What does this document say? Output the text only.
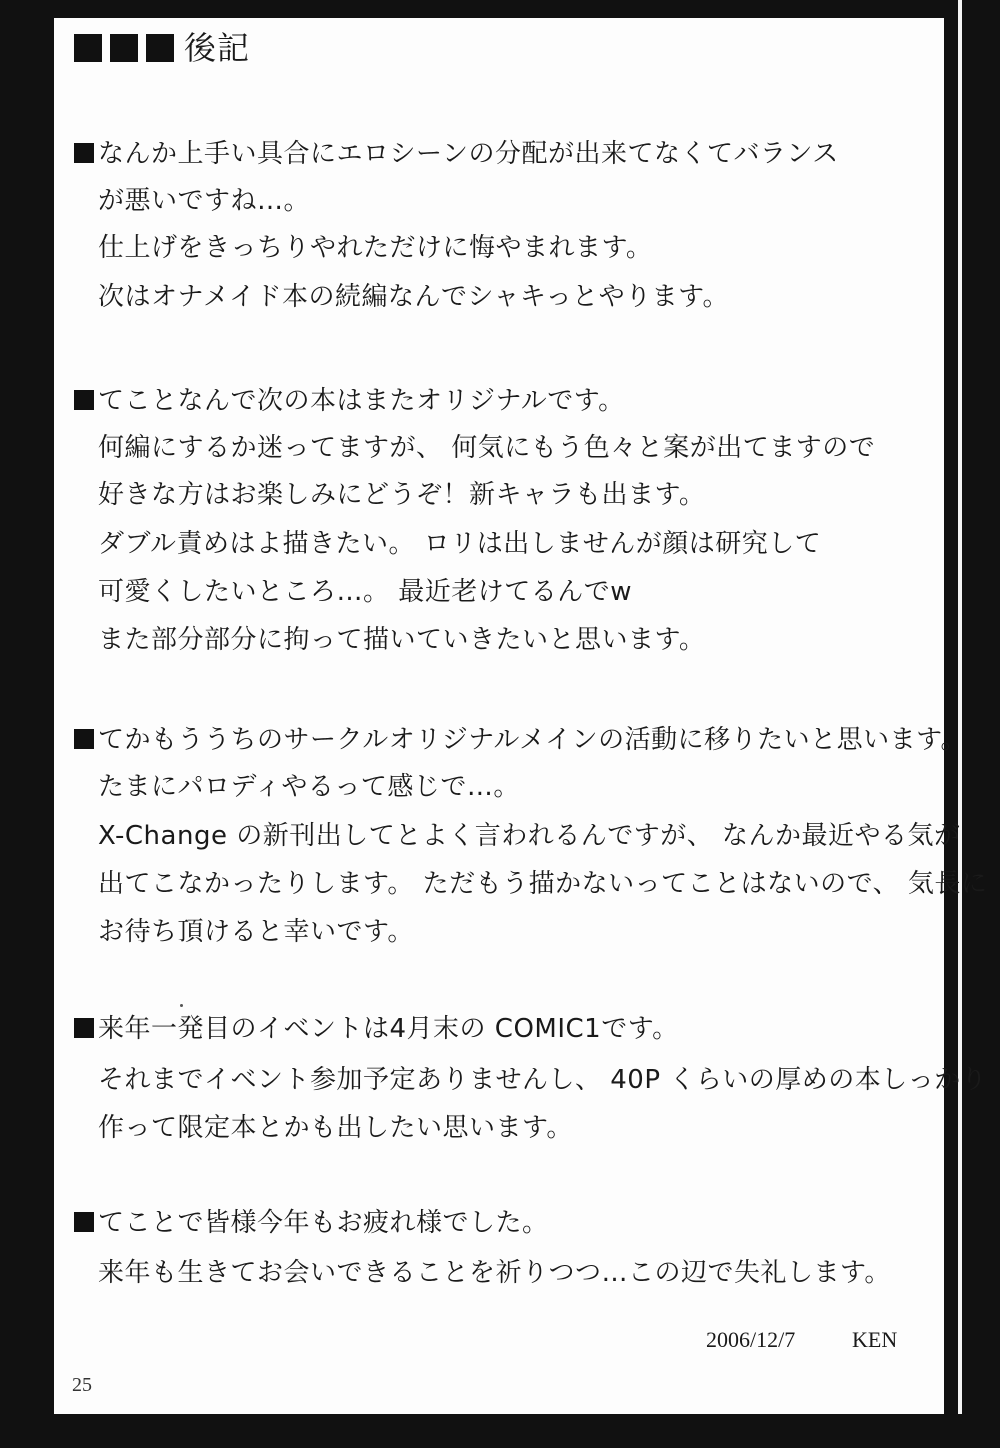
後記
なんか上手い具合にエロシーンの分配が出来てなくてバランス
が悪いですね…。
仕上げをきっちりやれただけに悔やまれます。
次はオナメイド本の続編なんでシャキっとやります。
てことなんで次の本はまたオリジナルです。
何編にするか迷ってますが、 何気にもう色々と案が出てますので
好きな方はお楽しみにどうぞ！新キャラも出ます。
ダブル責めはよ描きたい。 ロリは出しませんが顔は研究して
可愛くしたいところ…。 最近老けてるんでw
また部分部分に拘って描いていきたいと思います。
てかもううちのサークルオリジナルメインの活動に移りたいと思います。
たまにパロディやるって感じで…。
X-Change の新刊出してとよく言われるんですが、 なんか最近やる気が
出てこなかったりします。 ただもう描かないってことはないので、 気長に
お待ち頂けると幸いです。
来年一発目のイベントは4月末の COMIC1です。
それまでイベント参加予定ありませんし、 40P くらいの厚めの本しっかり
作って限定本とかも出したい思います。
てことで皆様今年もお疲れ様でした。
来年も生きてお会いできることを祈りつつ…この辺で失礼します。
2006/12/7	KEN
25
